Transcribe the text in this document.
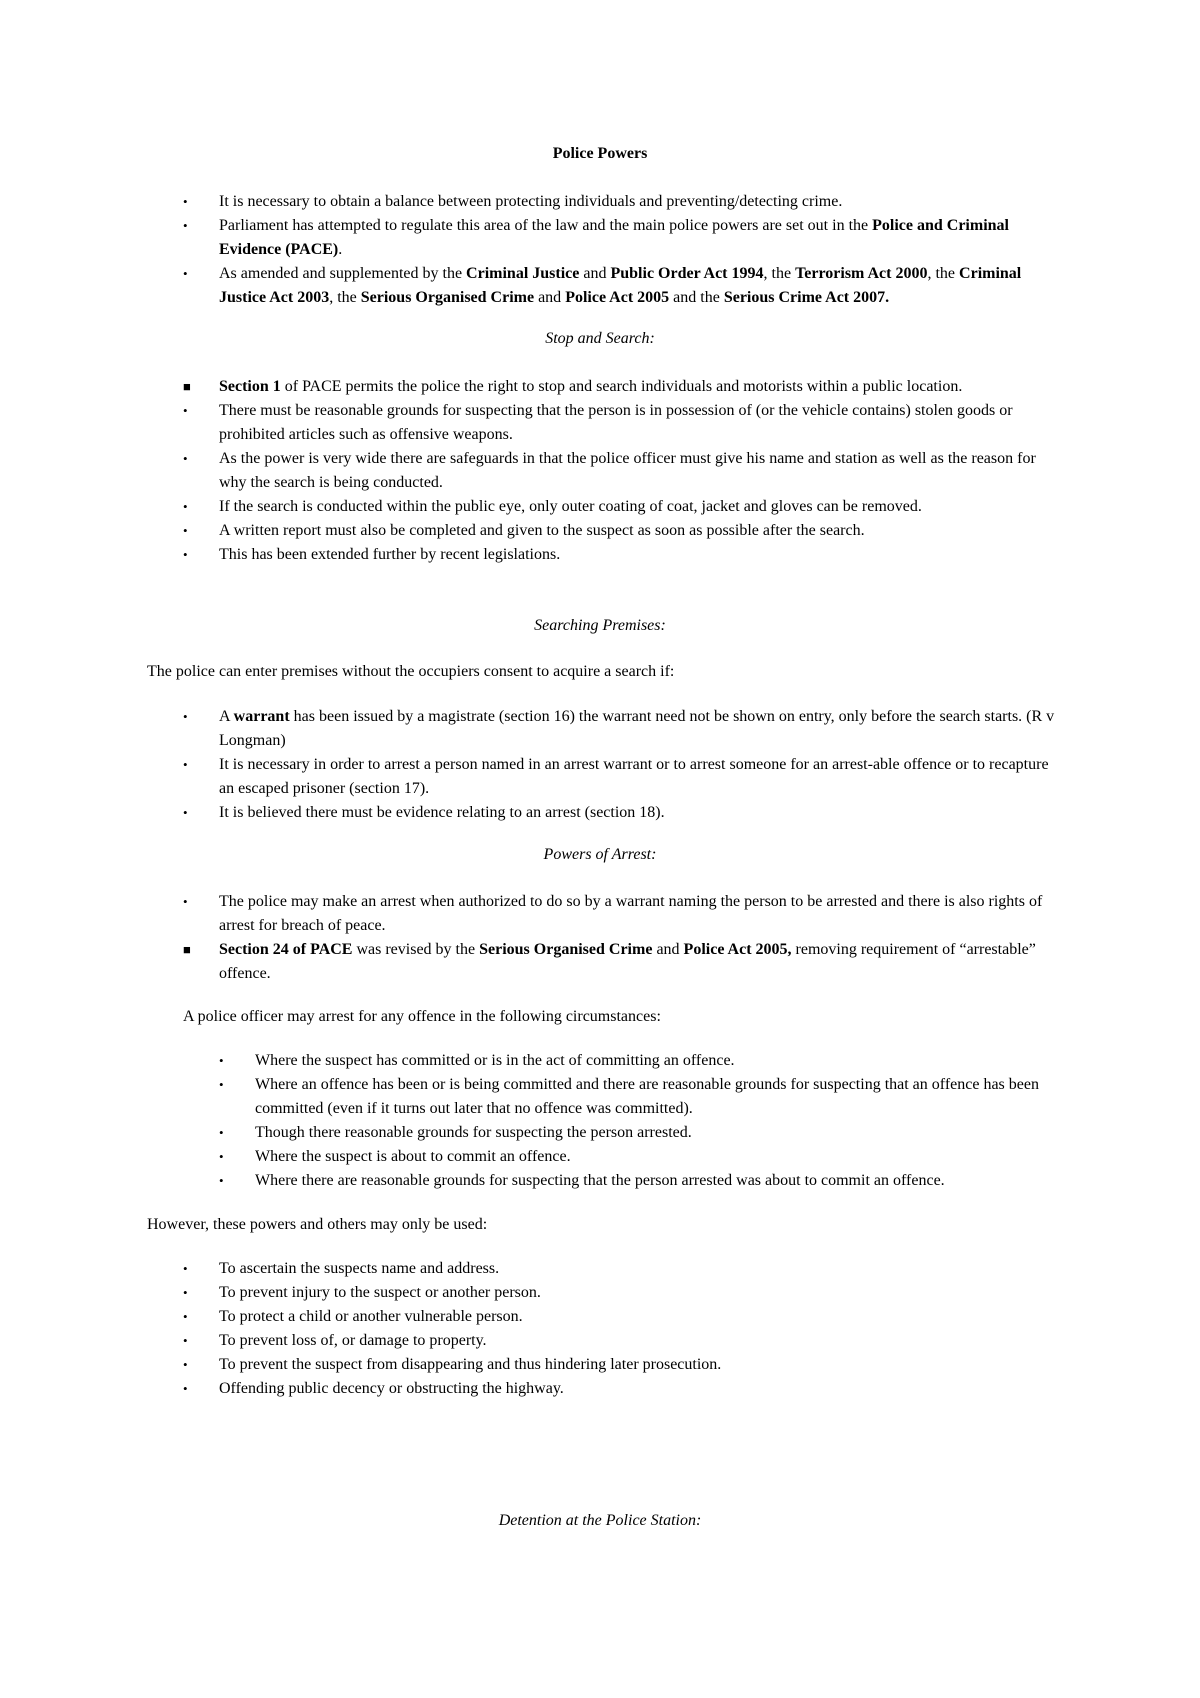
Police Powers
• It is necessary to obtain a balance between protecting individuals and preventing/detecting crime.
• Parliament has attempted to regulate this area of the law and the main police powers are set out in the Police and Criminal Evidence (PACE).
• As amended and supplemented by the Criminal Justice and Public Order Act 1994, the Terrorism Act 2000, the Criminal Justice Act 2003, the Serious Organised Crime and Police Act 2005 and the Serious Crime Act 2007.
Stop and Search:
■ Section 1 of PACE permits the police the right to stop and search individuals and motorists within a public location.
• There must be reasonable grounds for suspecting that the person is in possession of (or the vehicle contains) stolen goods or prohibited articles such as offensive weapons.
• As the power is very wide there are safeguards in that the police officer must give his name and station as well as the reason for why the search is being conducted.
• If the search is conducted within the public eye, only outer coating of coat, jacket and gloves can be removed.
• A written report must also be completed and given to the suspect as soon as possible after the search.
• This has been extended further by recent legislations.
Searching Premises:
The police can enter premises without the occupiers consent to acquire a search if:
• A warrant has been issued by a magistrate (section 16) the warrant need not be shown on entry, only before the search starts. (R v Longman)
• It is necessary in order to arrest a person named in an arrest warrant or to arrest someone for an arrest-able offence or to recapture an escaped prisoner (section 17).
• It is believed there must be evidence relating to an arrest (section 18).
Powers of Arrest:
• The police may make an arrest when authorized to do so by a warrant naming the person to be arrested and there is also rights of arrest for breach of peace.
■ Section 24 of PACE was revised by the Serious Organised Crime and Police Act 2005, removing requirement of “arrestable” offence.
A police officer may arrest for any offence in the following circumstances:
• Where the suspect has committed or is in the act of committing an offence.
• Where an offence has been or is being committed and there are reasonable grounds for suspecting that an offence has been committed (even if it turns out later that no offence was committed).
• Though there reasonable grounds for suspecting the person arrested.
• Where the suspect is about to commit an offence.
• Where there are reasonable grounds for suspecting that the person arrested was about to commit an offence.
However, these powers and others may only be used:
• To ascertain the suspects name and address.
• To prevent injury to the suspect or another person.
• To protect a child or another vulnerable person.
• To prevent loss of, or damage to property.
• To prevent the suspect from disappearing and thus hindering later prosecution.
• Offending public decency or obstructing the highway.
Detention at the Police Station:
